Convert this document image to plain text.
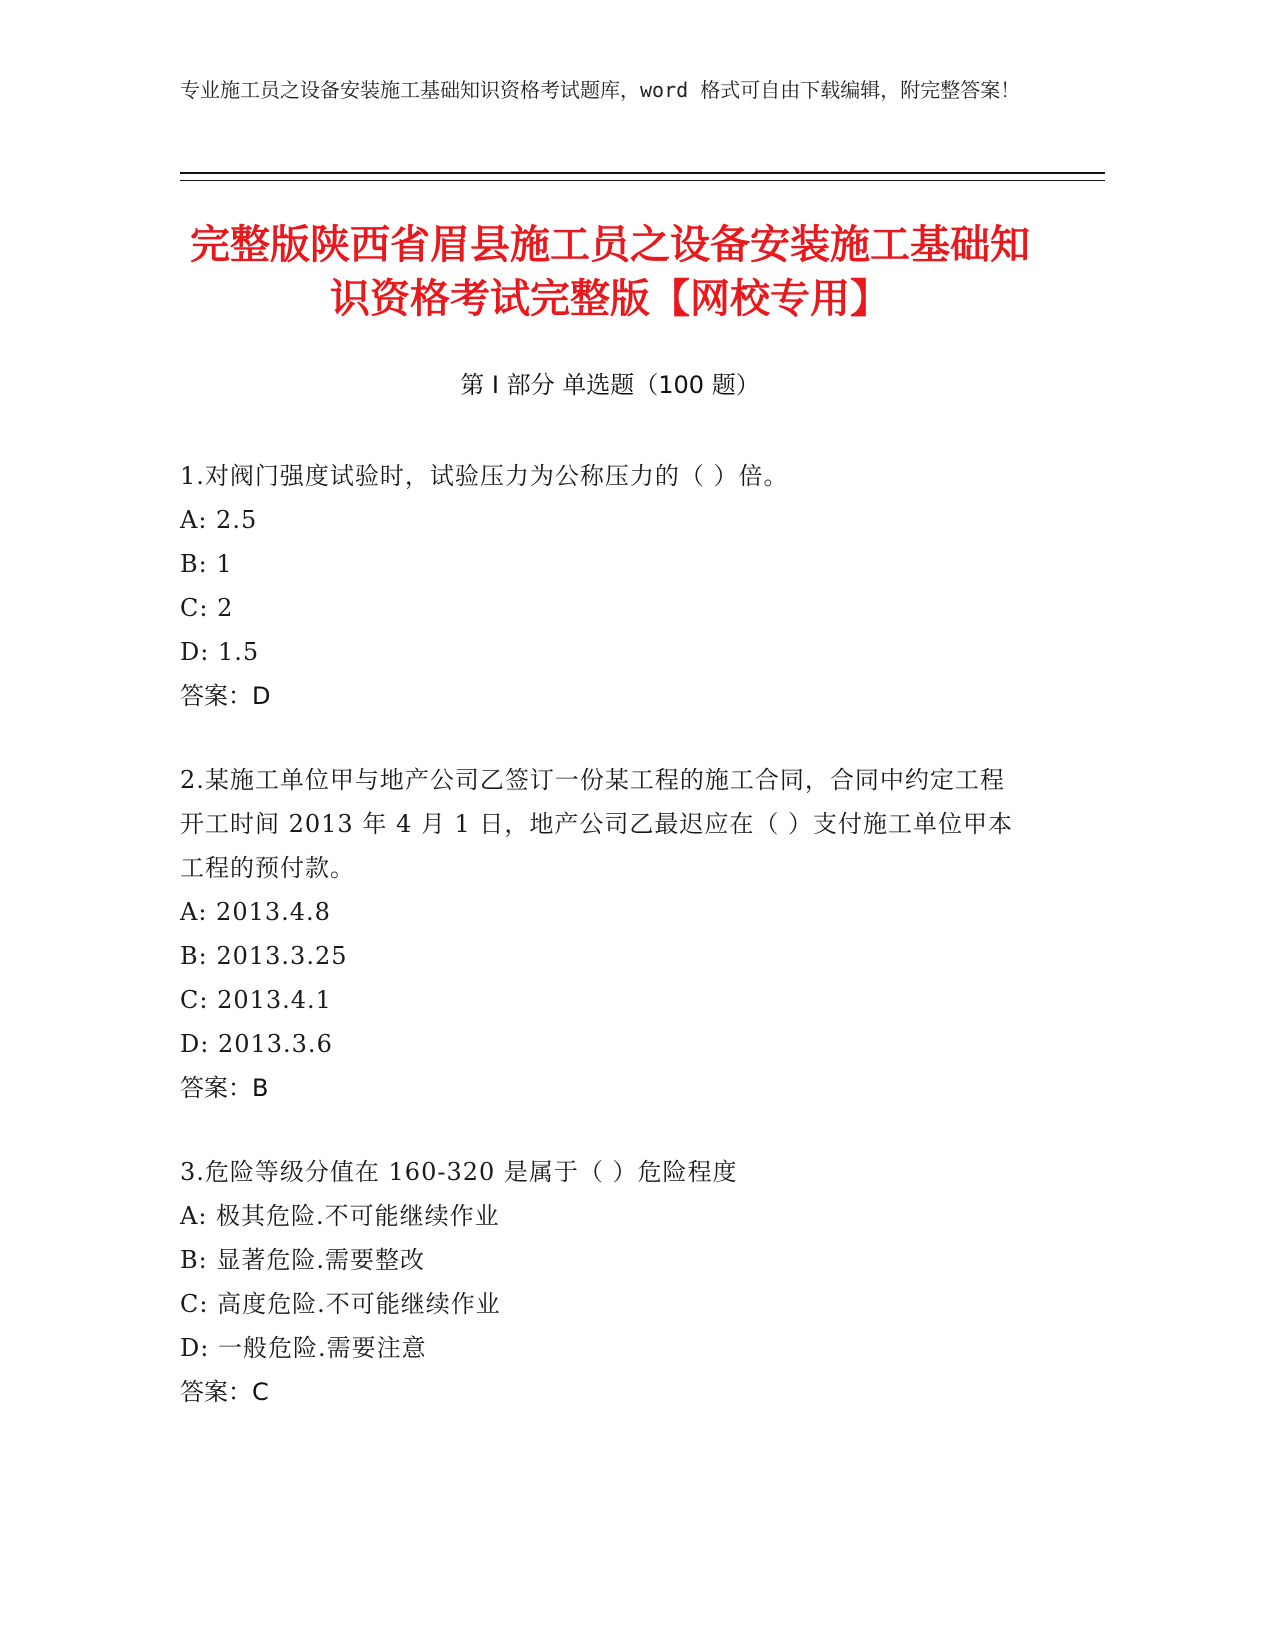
专业施工员之设备安装施工基础知识资格考试题库，word 格式可自由下载编辑，附完整答案！
完整版陕西省眉县施工员之设备安装施工基础知识资格考试完整版【网校专用】
第 I 部分 单选题（100 题）
1.对阀门强度试验时，试验压力为公称压力的（ ）倍。
A: 2.5
B: 1
C: 2
D: 1.5
答案：D
2.某施工单位甲与地产公司乙签订一份某工程的施工合同，合同中约定工程开工时间 2013 年 4 月 1 日，地产公司乙最迟应在（ ）支付施工单位甲本工程的预付款。
A: 2013.4.8
B: 2013.3.25
C: 2013.4.1
D: 2013.3.6
答案：B
3.危险等级分值在 160-320 是属于（ ）危险程度
A: 极其危险.不可能继续作业
B: 显著危险.需要整改
C: 高度危险.不可能继续作业
D: 一般危险.需要注意
答案：C
